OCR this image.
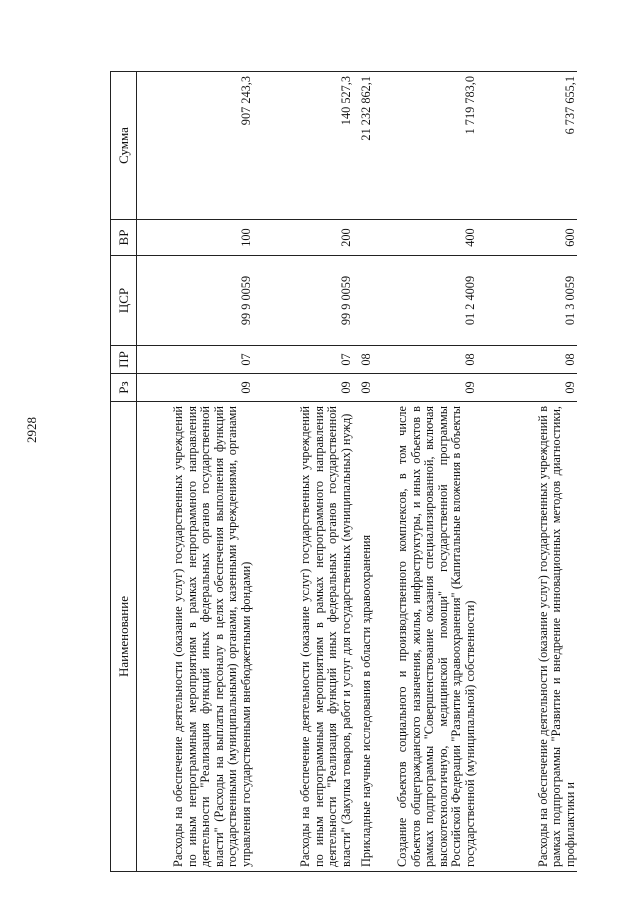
2928
Наименование	Рз	ПР	ЦСР	ВР	Сумма
Расходы на обеспечение деятельности (оказание услуг) государственных учреждений по иным непрограммным мероприятиям в рамках непрограммного направления деятельности "Реализация функций иных федеральных органов государственной власти" (Расходы на выплаты персоналу в целях обеспечения выполнения функций государственными (муниципальными) органами, казенными учреждениями, органами управления государственными внебюджетными фондами)	09	07	99 9 0059	100	907 243,3
Расходы на обеспечение деятельности (оказание услуг) государственных учреждений по иным непрограммным мероприятиям в рамках непрограммного направления деятельности "Реализация функций иных федеральных органов государственной власти" (Закупка товаров, работ и услуг для государственных (муниципальных) нужд)	09	07	99 9 0059	200	140 527,3
Прикладные научные исследования в области здравоохранения	09	08			21 232 862,1
Создание объектов социального и производственного комплексов, в том числе объектов общегражданского назначения, жилья, инфраструктуры, и иных объектов в рамках подпрограммы "Совершенствование оказания специализированной, включая высокотехнологичную, медицинской помощи" государственной программы Российской Федерации "Развитие здравоохранения" (Капитальные вложения в объекты государственной (муниципальной) собственности)	09	08	01 2 4009	400	1 719 783,0
Расходы на обеспечение деятельности (оказание услуг) государственных учреждений в рамках подпрограммы "Развитие и внедрение инновационных методов диагностики, профилактики и	09	08	01 3 0059	600	6 737 655,1
